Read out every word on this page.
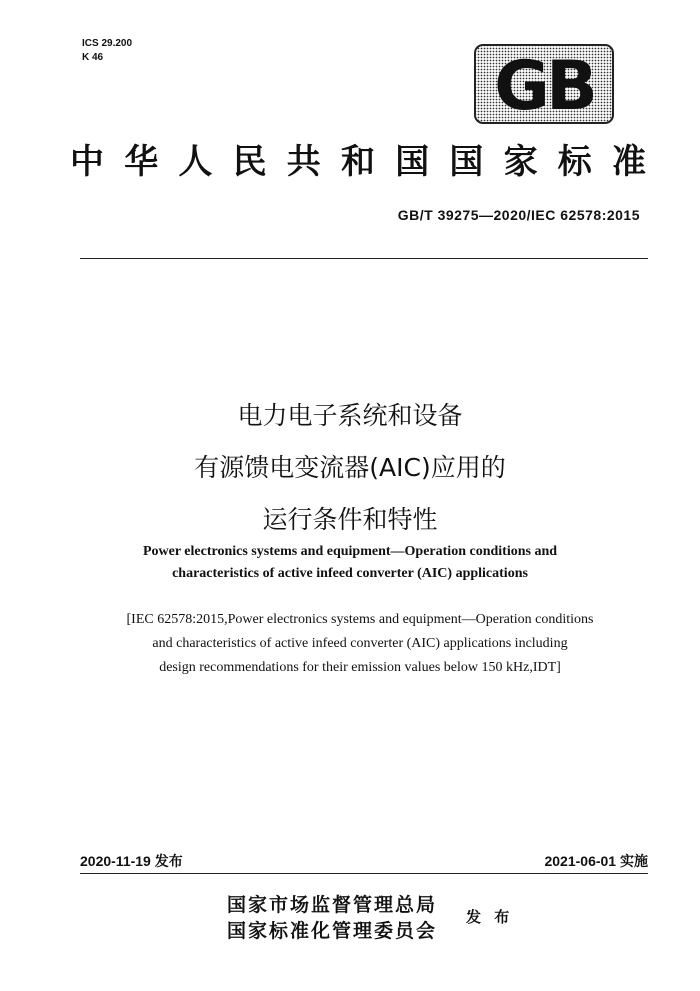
ICS 29.200
K 46	GB
中华人民共和国国家标准
GB/T 39275—2020/IEC 62578:2015
电力电子系统和设备
有源馈电变流器(AIC)应用的
运行条件和特性
Power electronics systems and equipment—Operation conditions and
characteristics of active infeed converter (AIC) applications
[IEC 62578:2015,Power electronics systems and equipment—Operation conditions
and characteristics of active infeed converter (AIC) applications including
design recommendations for their emission values below 150 kHz,IDT]
2020-11-19 发布	2021-06-01 实施
国家市场监督管理总局
国家标准化管理委员会
发 布
